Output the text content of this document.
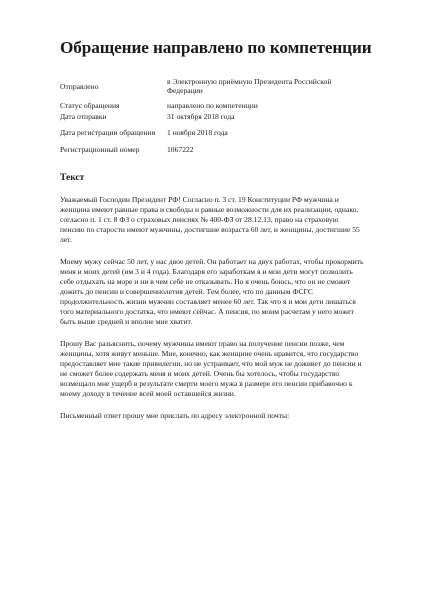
Обращение направлено по компетенции
Отправлено	в Электронную приёмную Президента Российской Федерации
Статус обращения	направлено по компетенции
Дата отправки	31 октября 2018 года
Дата регистрации обращения	1 ноября 2018 года
Регистрационный номер	1067222
Текст

Уважаемый Господин Президент РФ! Согласно п. 3 ст. 19 Конституции РФ мужчина и женщина имеют равные права и свободы и равные возможности для их реализации, однако, согласно п. 1 ст. 8 ФЗ о страховых пенсиях № 400-ФЗ от 28.12.13, право на страховую пенсию по старости имеют мужчины, достигшие возраста 60 лет, и женщины, достигшие 55 лет.

Моему мужу сейчас 50 лет, у нас двое детей. Он работает на двух работах, чтобы прокормить меня и моих детей (им 3 и 4 года). Благодаря его заработкам я и мои дети могут позволить себе отдыхать на море и ни в чем себе не отказывать. Но я очень боюсь, что он не сможет дожить до пенсии и совершеннолетия детей. Тем более, что по данным ФСГС продолжительность жизни мужчин составляет менее 60 лет. Так что я и мои дети лишаться того материального достатка, что имеют сейчас. А пенсия, по моим расчетам у него может быть выше средней и вполне мне хватит.

Прошу Вас разъяснить, почему мужчины имеют право на получение пенсии позже, чем женщины, хотя живут меньше. Мне, конечно, как женщине очень нравится, что государство предоставляет мне такие привилегии, но не устраивает, что мой муж не доживет до пенсии и не сможет более содержать меня и моих детей. Очень бы хотелось, чтобы государство возмещало мне ущерб в результате смерти моего мужа в размере его пенсии прибавочно к моему доходу в течение всей моей оставшейся жизни.

Письменный ответ прошу мне прислать по адресу электронной почты:
